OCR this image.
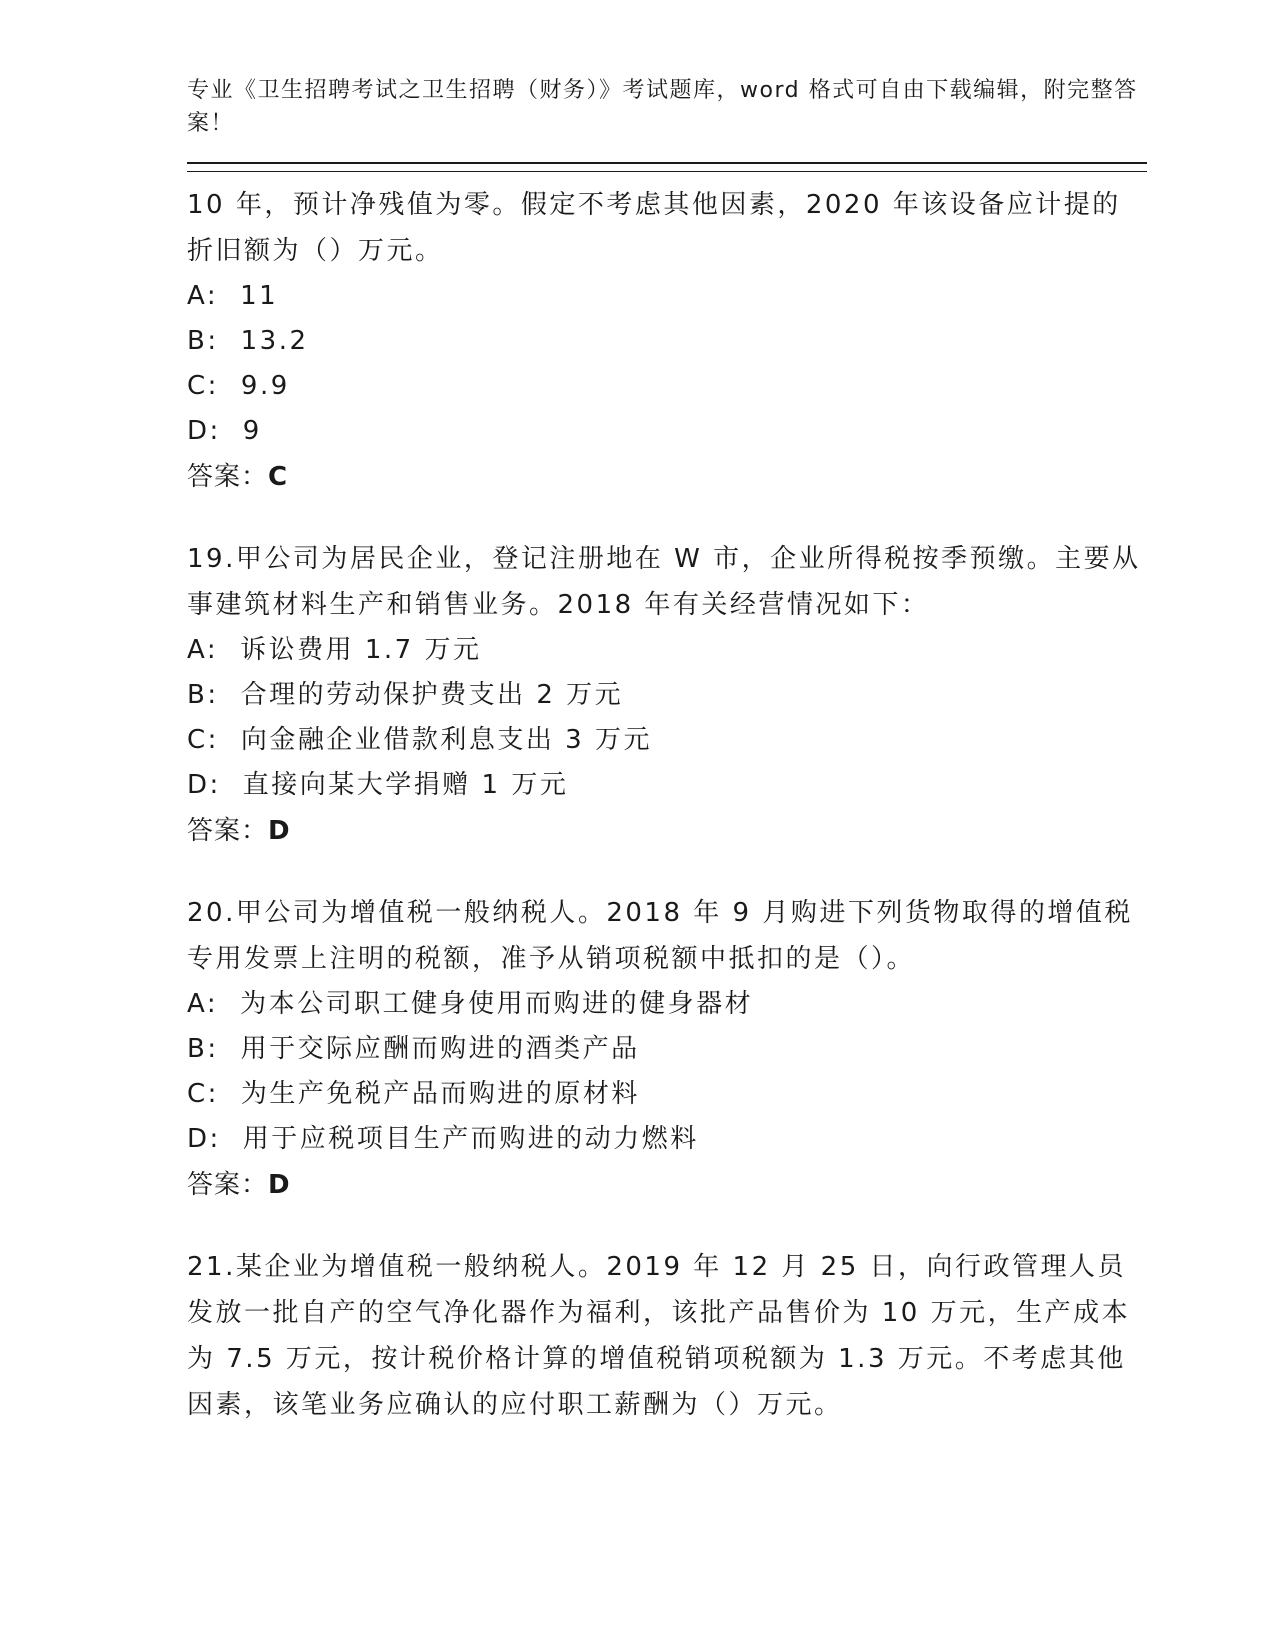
专业《卫生招聘考试之卫生招聘（财务）》考试题库，word 格式可自由下载编辑，附完整答案！

10 年，预计净残值为零。假定不考虑其他因素，2020 年该设备应计提的折旧额为（）万元。

A: 11

B: 13.2

C: 9.9

D: 9

答案：C

19.甲公司为居民企业，登记注册地在 W 市，企业所得税按季预缴。主要从事建筑材料生产和销售业务。2018 年有关经营情况如下：

A: 诉讼费用 1.7 万元

B: 合理的劳动保护费支出 2 万元

C: 向金融企业借款利息支出 3 万元

D: 直接向某大学捐赠 1 万元

答案：D

20.甲公司为增值税一般纳税人。2018 年 9 月购进下列货物取得的增值税专用发票上注明的税额，准予从销项税额中抵扣的是（）。

A: 为本公司职工健身使用而购进的健身器材

B: 用于交际应酬而购进的酒类产品

C: 为生产免税产品而购进的原材料

D: 用于应税项目生产而购进的动力燃料

答案：D

21.某企业为增值税一般纳税人。2019 年 12 月 25 日，向行政管理人员发放一批自产的空气净化器作为福利，该批产品售价为 10 万元，生产成本为 7.5 万元，按计税价格计算的增值税销项税额为 1.3 万元。不考虑其他因素，该笔业务应确认的应付职工薪酬为（）万元。
